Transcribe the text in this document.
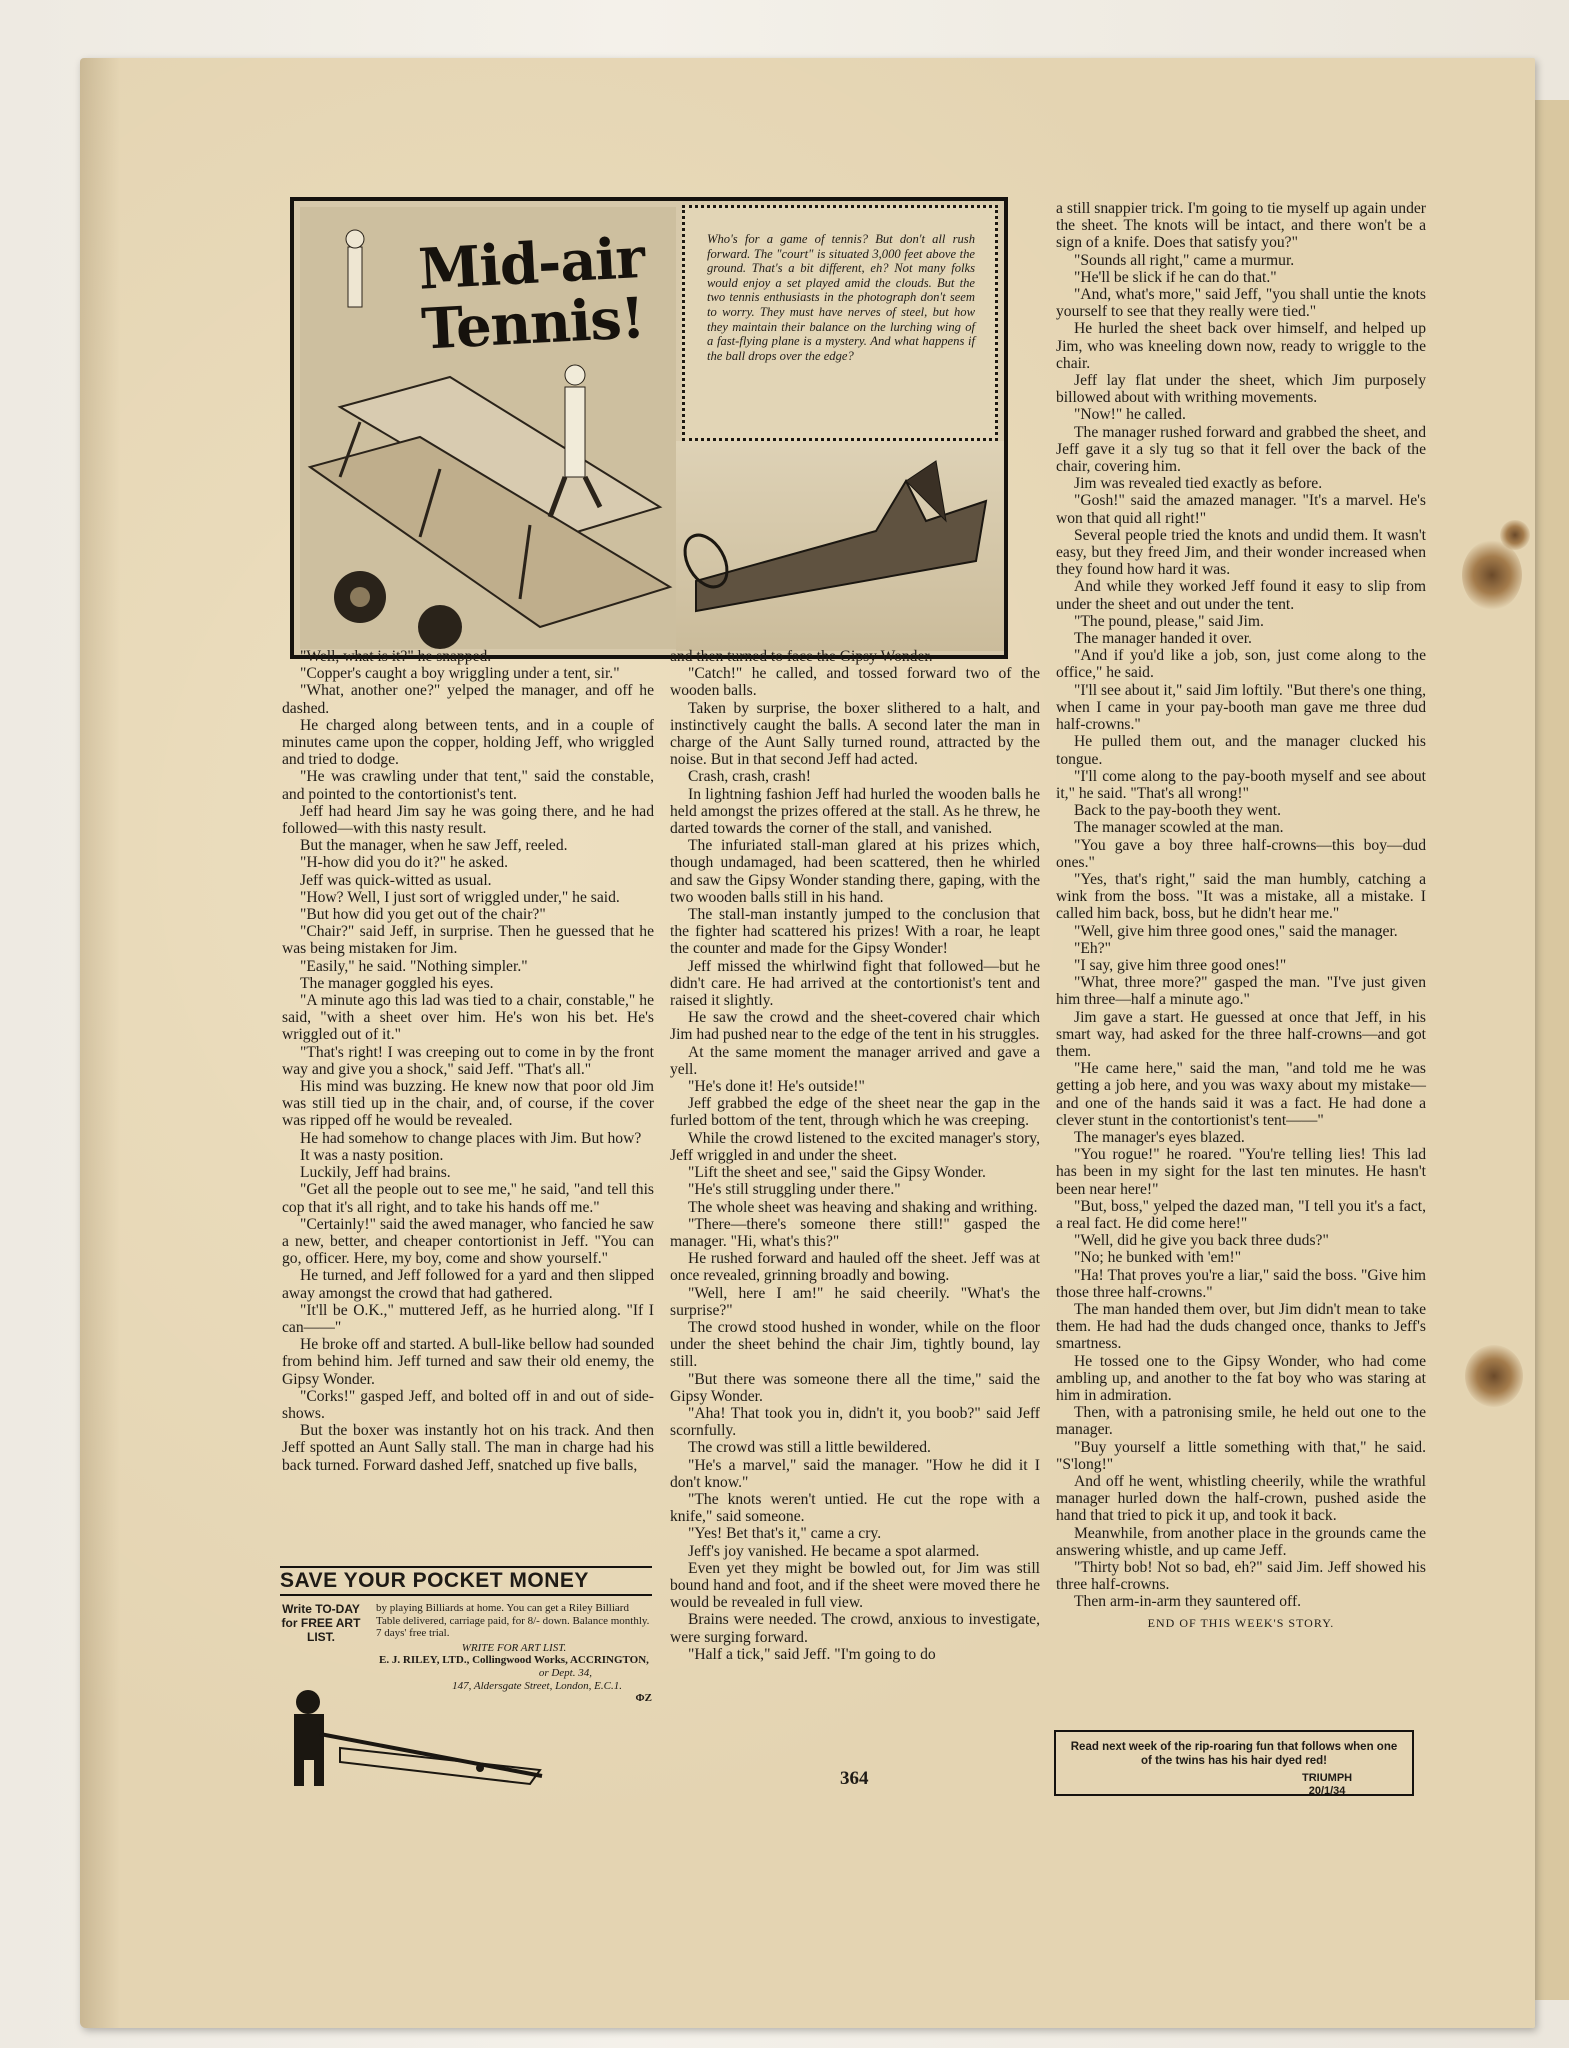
Mid-air Tennis!
Who's for a game of tennis? But don't all rush forward. The "court" is situated 3,000 feet above the ground. That's a bit different, eh? Not many folks would enjoy a set played amid the clouds. But the two tennis enthusiasts in the photograph don't seem to worry. They must have nerves of steel, but how they maintain their balance on the lurching wing of a fast-flying plane is a mystery. And what happens if the ball drops over the edge?

"Well, what is it?" he snapped.

"Copper's caught a boy wriggling under a tent, sir."

"What, another one?" yelped the manager, and off he dashed.

He charged along between tents, and in a couple of minutes came upon the copper, holding Jeff, who wriggled and tried to dodge.

"He was crawling under that tent," said the constable, and pointed to the contortionist's tent.

Jeff had heard Jim say he was going there, and he had followed—with this nasty result.

But the manager, when he saw Jeff, reeled.

"H-how did you do it?" he asked.

Jeff was quick-witted as usual.

"How? Well, I just sort of wriggled under," he said.

"But how did you get out of the chair?"

"Chair?" said Jeff, in surprise. Then he guessed that he was being mistaken for Jim.

"Easily," he said. "Nothing simpler."

The manager goggled his eyes.

"A minute ago this lad was tied to a chair, constable," he said, "with a sheet over him. He's won his bet. He's wriggled out of it."

"That's right! I was creeping out to come in by the front way and give you a shock," said Jeff. "That's all."

His mind was buzzing. He knew now that poor old Jim was still tied up in the chair, and, of course, if the cover was ripped off he would be revealed.

He had somehow to change places with Jim. But how?

It was a nasty position.

Luckily, Jeff had brains.

"Get all the people out to see me," he said, "and tell this cop that it's all right, and to take his hands off me."

"Certainly!" said the awed manager, who fancied he saw a new, better, and cheaper contortionist in Jeff. "You can go, officer. Here, my boy, come and show yourself."

He turned, and Jeff followed for a yard and then slipped away amongst the crowd that had gathered.

"It'll be O.K.," muttered Jeff, as he hurried along. "If I can——"

He broke off and started. A bull-like bellow had sounded from behind him. Jeff turned and saw their old enemy, the Gipsy Wonder.

"Corks!" gasped Jeff, and bolted off in and out of side-shows.

But the boxer was instantly hot on his track. And then Jeff spotted an Aunt Sally stall. The man in charge had his back turned. Forward dashed Jeff, snatched up five balls,

SAVE YOUR POCKET MONEY
Write TO-DAY for FREE ART LIST.
by playing Billiards at home. You can get a Riley Billiard Table delivered, carriage paid, for 8/- down. Balance monthly. 7 days' free trial.
WRITE FOR ART LIST.
E. J. RILEY, LTD., Collingwood Works, ACCRINGTON,
or Dept. 34,
147, Aldersgate Street, London, E.C.1.
ΦZ

and then turned to face the Gipsy Wonder.

"Catch!" he called, and tossed forward two of the wooden balls.

Taken by surprise, the boxer slithered to a halt, and instinctively caught the balls. A second later the man in charge of the Aunt Sally turned round, attracted by the noise. But in that second Jeff had acted.

Crash, crash, crash!

In lightning fashion Jeff had hurled the wooden balls he held amongst the prizes offered at the stall. As he threw, he darted towards the corner of the stall, and vanished.

The infuriated stall-man glared at his prizes which, though undamaged, had been scattered, then he whirled and saw the Gipsy Wonder standing there, gaping, with the two wooden balls still in his hand.

The stall-man instantly jumped to the conclusion that the fighter had scattered his prizes! With a roar, he leapt the counter and made for the Gipsy Wonder!

Jeff missed the whirlwind fight that followed—but he didn't care. He had arrived at the contortionist's tent and raised it slightly.

He saw the crowd and the sheet-covered chair which Jim had pushed near to the edge of the tent in his struggles.

At the same moment the manager arrived and gave a yell.

"He's done it! He's outside!"

Jeff grabbed the edge of the sheet near the gap in the furled bottom of the tent, through which he was creeping.

While the crowd listened to the excited manager's story, Jeff wriggled in and under the sheet.

"Lift the sheet and see," said the Gipsy Wonder.

"He's still struggling under there."

The whole sheet was heaving and shaking and writhing.

"There—there's someone there still!" gasped the manager. "Hi, what's this?"

He rushed forward and hauled off the sheet. Jeff was at once revealed, grinning broadly and bowing.

"Well, here I am!" he said cheerily. "What's the surprise?"

The crowd stood hushed in wonder, while on the floor under the sheet behind the chair Jim, tightly bound, lay still.

"But there was someone there all the time," said the Gipsy Wonder.

"Aha! That took you in, didn't it, you boob?" said Jeff scornfully.

The crowd was still a little bewildered.

"He's a marvel," said the manager. "How he did it I don't know."

"The knots weren't untied. He cut the rope with a knife," said someone.

"Yes! Bet that's it," came a cry.

Jeff's joy vanished. He became a spot alarmed.

Even yet they might be bowled out, for Jim was still bound hand and foot, and if the sheet were moved there he would be revealed in full view.

Brains were needed. The crowd, anxious to investigate, were surging forward.

"Half a tick," said Jeff. "I'm going to do

a still snappier trick. I'm going to tie myself up again under the sheet. The knots will be intact, and there won't be a sign of a knife. Does that satisfy you?"

"Sounds all right," came a murmur.

"He'll be slick if he can do that."

"And, what's more," said Jeff, "you shall untie the knots yourself to see that they really were tied."

He hurled the sheet back over himself, and helped up Jim, who was kneeling down now, ready to wriggle to the chair.

Jeff lay flat under the sheet, which Jim purposely billowed about with writhing movements.

"Now!" he called.

The manager rushed forward and grabbed the sheet, and Jeff gave it a sly tug so that it fell over the back of the chair, covering him.

Jim was revealed tied exactly as before.

"Gosh!" said the amazed manager. "It's a marvel. He's won that quid all right!"

Several people tried the knots and undid them. It wasn't easy, but they freed Jim, and their wonder increased when they found how hard it was.

And while they worked Jeff found it easy to slip from under the sheet and out under the tent.

"The pound, please," said Jim.

The manager handed it over.

"And if you'd like a job, son, just come along to the office," he said.

"I'll see about it," said Jim loftily. "But there's one thing, when I came in your pay-booth man gave me three dud half-crowns."

He pulled them out, and the manager clucked his tongue.

"I'll come along to the pay-booth myself and see about it," he said. "That's all wrong!"

Back to the pay-booth they went.

The manager scowled at the man.

"You gave a boy three half-crowns—this boy—dud ones."

"Yes, that's right," said the man humbly, catching a wink from the boss. "It was a mistake, all a mistake. I called him back, boss, but he didn't hear me."

"Well, give him three good ones," said the manager.

"Eh?"

"I say, give him three good ones!"

"What, three more?" gasped the man. "I've just given him three—half a minute ago."

Jim gave a start. He guessed at once that Jeff, in his smart way, had asked for the three half-crowns—and got them.

"He came here," said the man, "and told me he was getting a job here, and you was waxy about my mistake—and one of the hands said it was a fact. He had done a clever stunt in the contortionist's tent——"

The manager's eyes blazed.

"You rogue!" he roared. "You're telling lies! This lad has been in my sight for the last ten minutes. He hasn't been near here!"

"But, boss," yelped the dazed man, "I tell you it's a fact, a real fact. He did come here!"

"Well, did he give you back three duds?"

"No; he bunked with 'em!"

"Ha! That proves you're a liar," said the boss. "Give him those three half-crowns."

The man handed them over, but Jim didn't mean to take them. He had had the duds changed once, thanks to Jeff's smartness.

He tossed one to the Gipsy Wonder, who had come ambling up, and another to the fat boy who was staring at him in admiration.

Then, with a patronising smile, he held out one to the manager.

"Buy yourself a little something with that," he said. "S'long!"

And off he went, whistling cheerily, while the wrathful manager hurled down the half-crown, pushed aside the hand that tried to pick it up, and took it back.

Meanwhile, from another place in the grounds came the answering whistle, and up came Jeff.

"Thirty bob! Not so bad, eh?" said Jim. Jeff showed his three half-crowns.

Then arm-in-arm they sauntered off.

END OF THIS WEEK'S STORY.

364
Read next week of the rip-roaring fun that follows when one of the twins has his hair dyed red!
TRIUMPH
20/1/34
